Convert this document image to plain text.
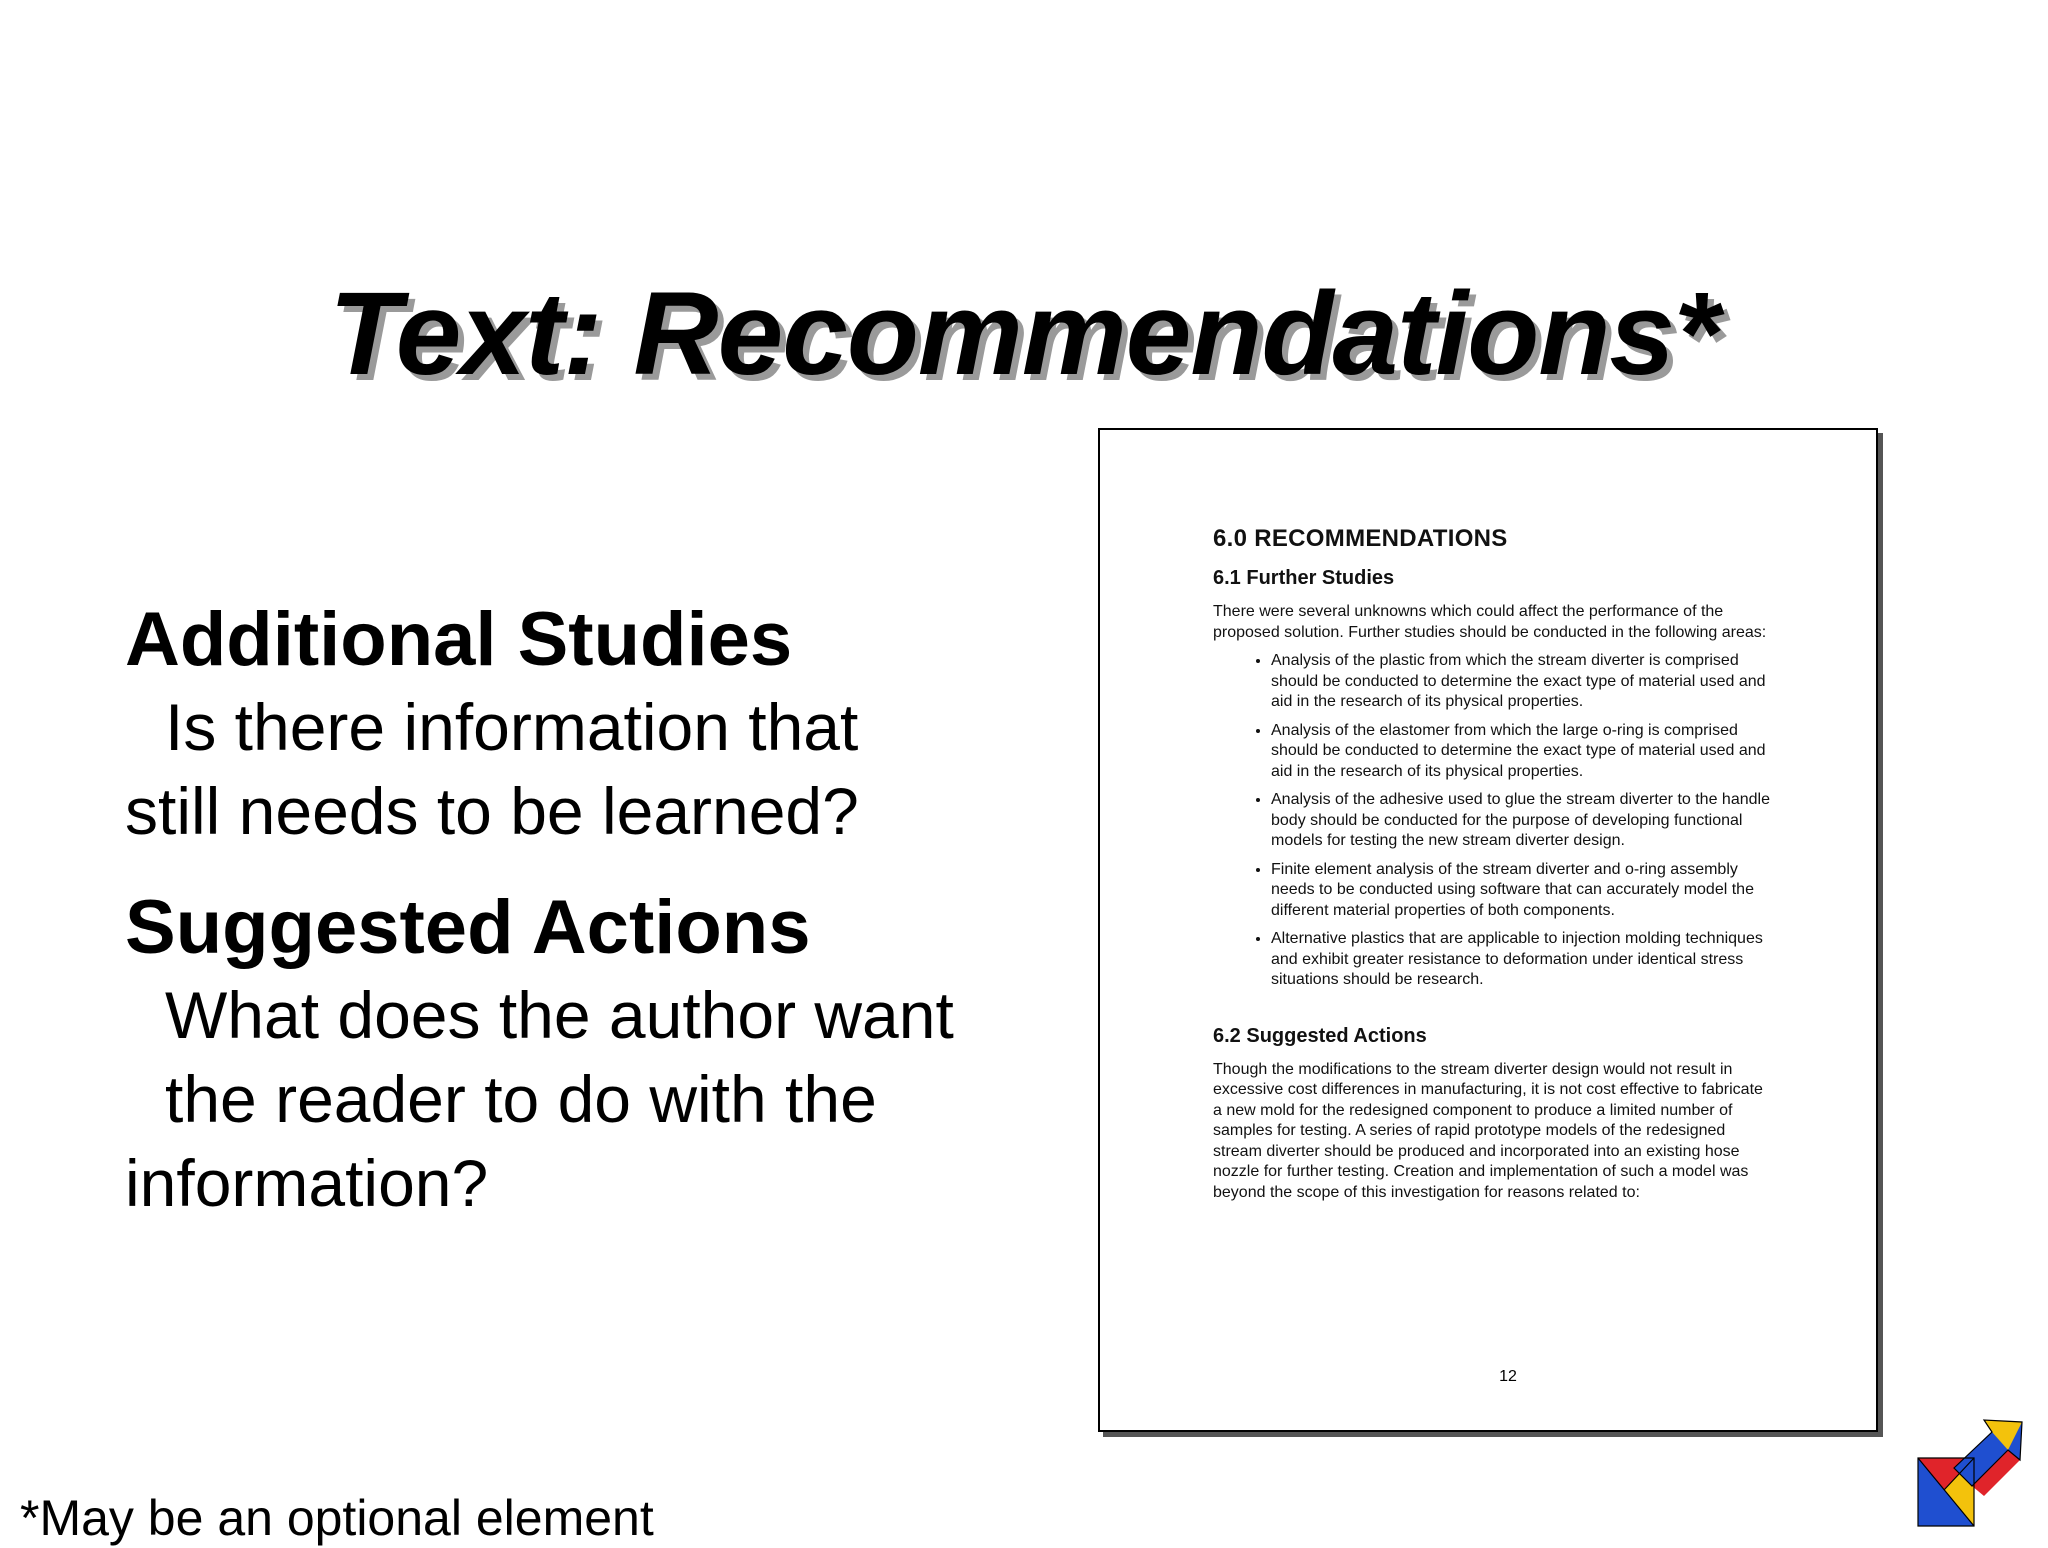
Text: Recommendations*
Additional Studies
Is there information that
still needs to be learned?
Suggested Actions
What does the author want
the reader to do with the
information?
6.0 RECOMMENDATIONS
6.1 Further Studies

There were several unknowns which could affect the performance of the proposed solution. Further studies should be conducted in the following areas:

• Analysis of the plastic from which the stream diverter is comprised should be conducted to determine the exact type of material used and aid in the research of its physical properties.
• Analysis of the elastomer from which the large o-ring is comprised should be conducted to determine the exact type of material used and aid in the research of its physical properties.
• Analysis of the adhesive used to glue the stream diverter to the handle body should be conducted for the purpose of developing functional models for testing the new stream diverter design.
• Finite element analysis of the stream diverter and o-ring assembly needs to be conducted using software that can accurately model the different material properties of both components.
• Alternative plastics that are applicable to injection molding techniques and exhibit greater resistance to deformation under identical stress situations should be research.
6.2 Suggested Actions

Though the modifications to the stream diverter design would not result in excessive cost differences in manufacturing, it is not cost effective to fabricate a new mold for the redesigned component to produce a limited number of samples for testing. A series of rapid prototype models of the redesigned stream diverter should be produced and incorporated into an existing hose nozzle for further testing. Creation and implementation of such a model was beyond the scope of this investigation for reasons related to:

12
*May be an optional element
